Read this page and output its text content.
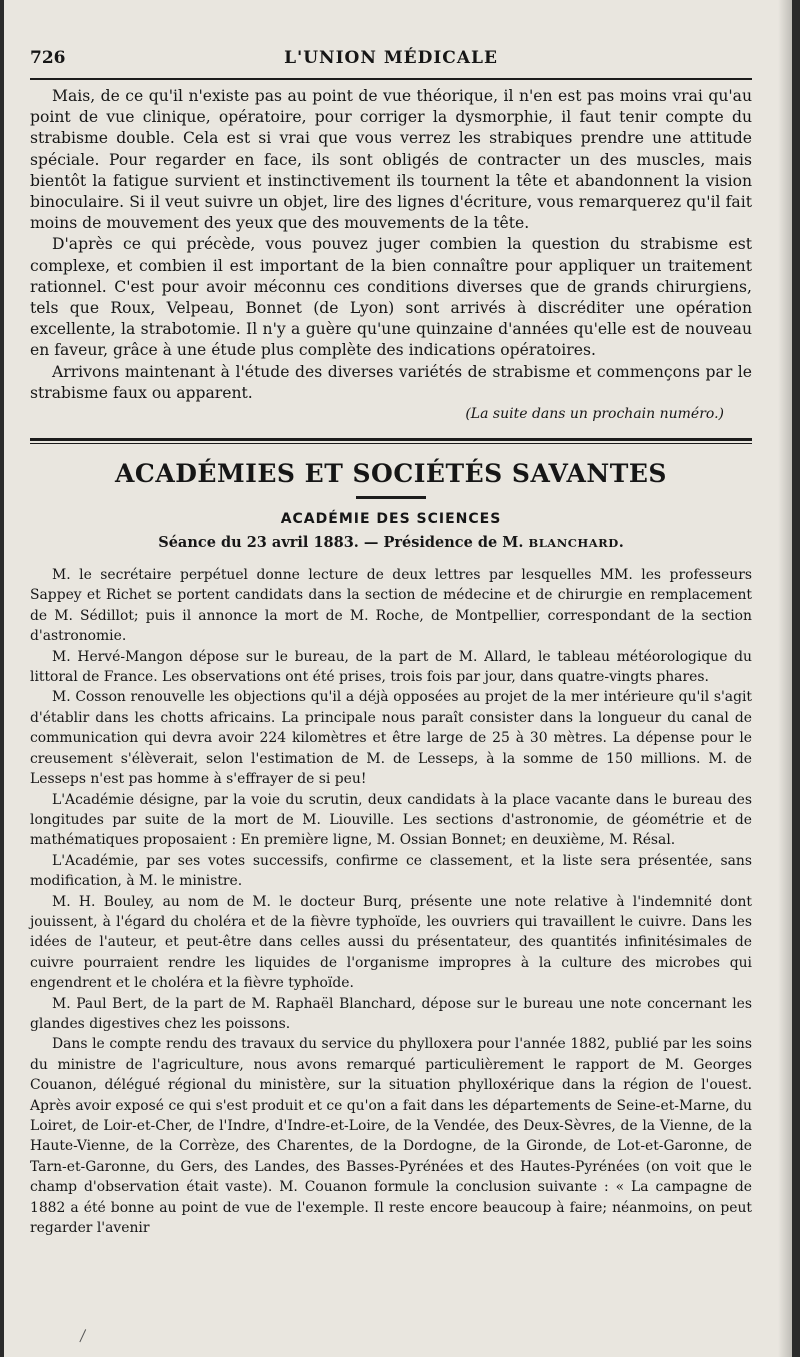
726	L'UNION MÉDICALE

Mais, de ce qu'il n'existe pas au point de vue théorique, il n'en est pas moins vrai qu'au point de vue clinique, opératoire, pour corriger la dysmorphie, il faut tenir compte du strabisme double. Cela est si vrai que vous verrez les strabiques prendre une attitude spéciale. Pour regarder en face, ils sont obligés de contracter un des muscles, mais bientôt la fatigue survient et instinctivement ils tournent la tête et abandonnent la vision binoculaire. Si il veut suivre un objet, lire des lignes d'écriture, vous remarquerez qu'il fait moins de mouvement des yeux que des mouvements de la tête.

D'après ce qui précède, vous pouvez juger combien la question du strabisme est complexe, et combien il est important de la bien connaître pour appliquer un traitement rationnel. C'est pour avoir méconnu ces conditions diverses que de grands chirurgiens, tels que Roux, Velpeau, Bonnet (de Lyon) sont arrivés à discréditer une opération excellente, la strabotomie. Il n'y a guère qu'une quinzaine d'années qu'elle est de nouveau en faveur, grâce à une étude plus complète des indications opératoires.

Arrivons maintenant à l'étude des diverses variétés de strabisme et commençons par le strabisme faux ou apparent.

(La suite dans un prochain numéro.)
ACADÉMIES ET SOCIÉTÉS SAVANTES
ACADÉMIE DES SCIENCES
Séance du 23 avril 1883. — Présidence de M. BLANCHARD.

M. le secrétaire perpétuel donne lecture de deux lettres par lesquelles MM. les professeurs Sappey et Richet se portent candidats dans la section de médecine et de chirurgie en remplacement de M. Sédillot; puis il annonce la mort de M. Roche, de Montpellier, correspondant de la section d'astronomie.

M. Hervé-Mangon dépose sur le bureau, de la part de M. Allard, le tableau météorologique du littoral de France. Les observations ont été prises, trois fois par jour, dans quatre-vingts phares.

M. Cosson renouvelle les objections qu'il a déjà opposées au projet de la mer intérieure qu'il s'agit d'établir dans les chotts africains. La principale nous paraît consister dans la longueur du canal de communication qui devra avoir 224 kilomètres et être large de 25 à 30 mètres. La dépense pour le creusement s'élèverait, selon l'estimation de M. de Lesseps, à la somme de 150 millions. M. de Lesseps n'est pas homme à s'effrayer de si peu!

L'Académie désigne, par la voie du scrutin, deux candidats à la place vacante dans le bureau des longitudes par suite de la mort de M. Liouville. Les sections d'astronomie, de géométrie et de mathématiques proposaient : En première ligne, M. Ossian Bonnet; en deuxième, M. Résal.

L'Académie, par ses votes successifs, confirme ce classement, et la liste sera présentée, sans modification, à M. le ministre.

M. H. Bouley, au nom de M. le docteur Burq, présente une note relative à l'indemnité dont jouissent, à l'égard du choléra et de la fièvre typhoïde, les ouvriers qui travaillent le cuivre. Dans les idées de l'auteur, et peut-être dans celles aussi du présentateur, des quantités infinitésimales de cuivre pourraient rendre les liquides de l'organisme impropres à la culture des microbes qui engendrent et le choléra et la fièvre typhoïde.

M. Paul Bert, de la part de M. Raphaël Blanchard, dépose sur le bureau une note concernant les glandes digestives chez les poissons.

Dans le compte rendu des travaux du service du phylloxera pour l'année 1882, publié par les soins du ministre de l'agriculture, nous avons remarqué particulièrement le rapport de M. Georges Couanon, délégué régional du ministère, sur la situation phylloxérique dans la région de l'ouest. Après avoir exposé ce qui s'est produit et ce qu'on a fait dans les départements de Seine-et-Marne, du Loiret, de Loir-et-Cher, de l'Indre, d'Indre-et-Loire, de la Vendée, des Deux-Sèvres, de la Vienne, de la Haute-Vienne, de la Corrèze, des Charentes, de la Dordogne, de la Gironde, de Lot-et-Garonne, de Tarn-et-Garonne, du Gers, des Landes, des Basses-Pyrénées et des Hautes-Pyrénées (on voit que le champ d'observation était vaste). M. Couanon formule la conclusion suivante : « La campagne de 1882 a été bonne au point de vue de l'exemple. Il reste encore beaucoup à faire; néanmoins, on peut regarder l'avenir
